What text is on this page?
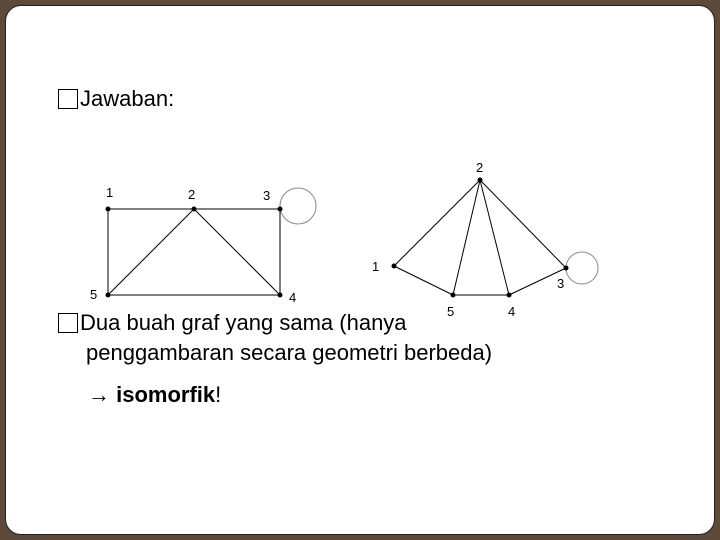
Jawaban:
1	2	3
4
5
1
2
3
4
5
Dua buah graf yang sama (hanya
penggambaran secara geometri berbeda)
→ isomorfik!
